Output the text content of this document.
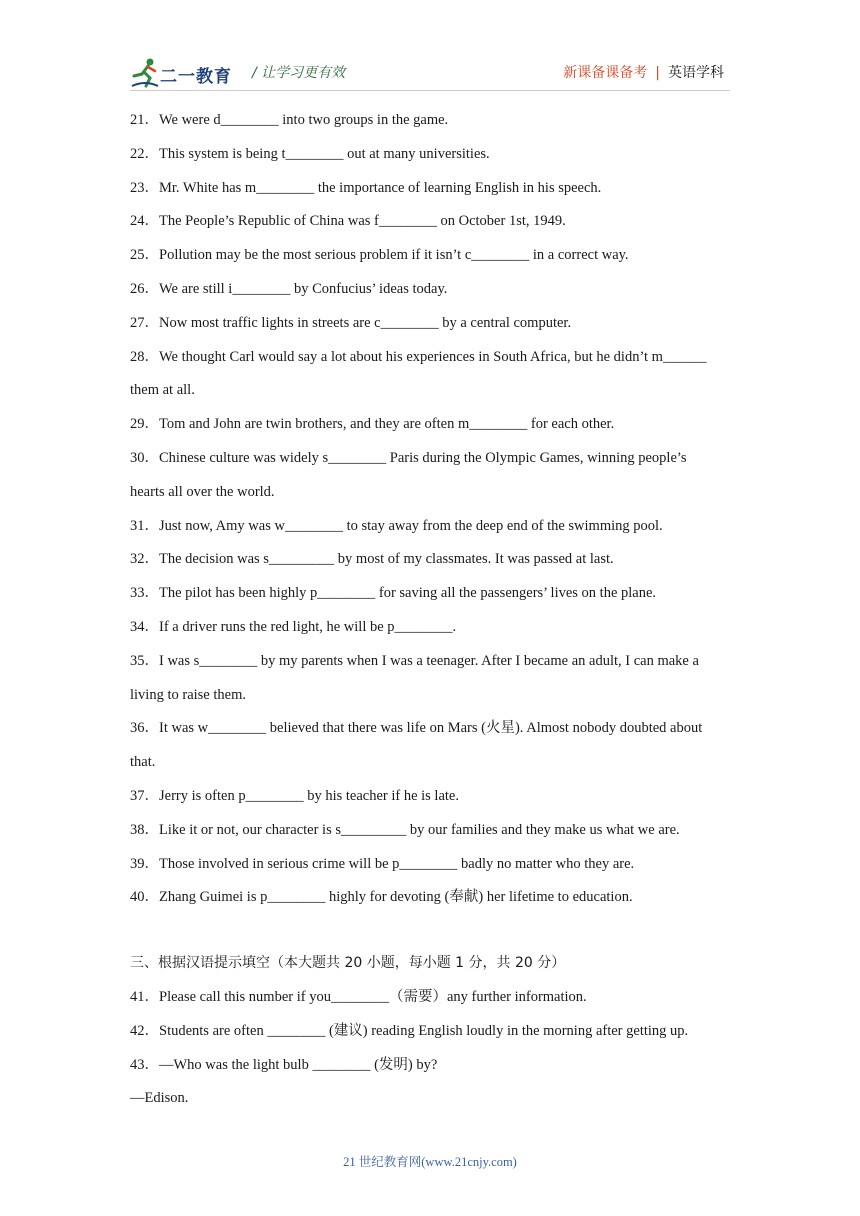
二一教育 / 让学习更有效	新课备课备考 | 英语学科
21．We were d________ into two groups in the game.
22．This system is being t________ out at many universities.
23．Mr. White has m________ the importance of learning English in his speech.
24．The People’s Republic of China was f________ on October 1st, 1949.
25．Pollution may be the most serious problem if it isn’t c________ in a correct way.
26．We are still i________ by Confucius’ ideas today.
27．Now most traffic lights in streets are c________ by a central computer.
28．We thought Carl would say a lot about his experiences in South Africa, but he didn’t m______
them at all.
29．Tom and John are twin brothers, and they are often m________ for each other.
30．Chinese culture was widely s________ Paris during the Olympic Games, winning people’s
hearts all over the world.
31．Just now, Amy was w________ to stay away from the deep end of the swimming pool.
32．The decision was s_________ by most of my classmates. It was passed at last.
33．The pilot has been highly p________ for saving all the passengers’ lives on the plane.
34．If a driver runs the red light, he will be p________.
35．I was s________ by my parents when I was a teenager. After I became an adult, I can make a
living to raise them.
36．It was w________ believed that there was life on Mars (火星). Almost nobody doubted about
that.
37．Jerry is often p________ by his teacher if he is late.
38．Like it or not, our character is s_________ by our families and they make us what we are.
39．Those involved in serious crime will be p________ badly no matter who they are.
40．Zhang Guimei is p________ highly for devoting (奉献) her lifetime to education.
三、根据汉语提示填空（本大题共 20 小题，每小题 1 分，共 20 分）
41．Please call this number if you________（需要）any further information.
42．Students are often ________ (建议) reading English loudly in the morning after getting up.
43．—Who was the light bulb ________ (发明) by?
—Edison.
21 世纪教育网(www.21cnjy.com)
